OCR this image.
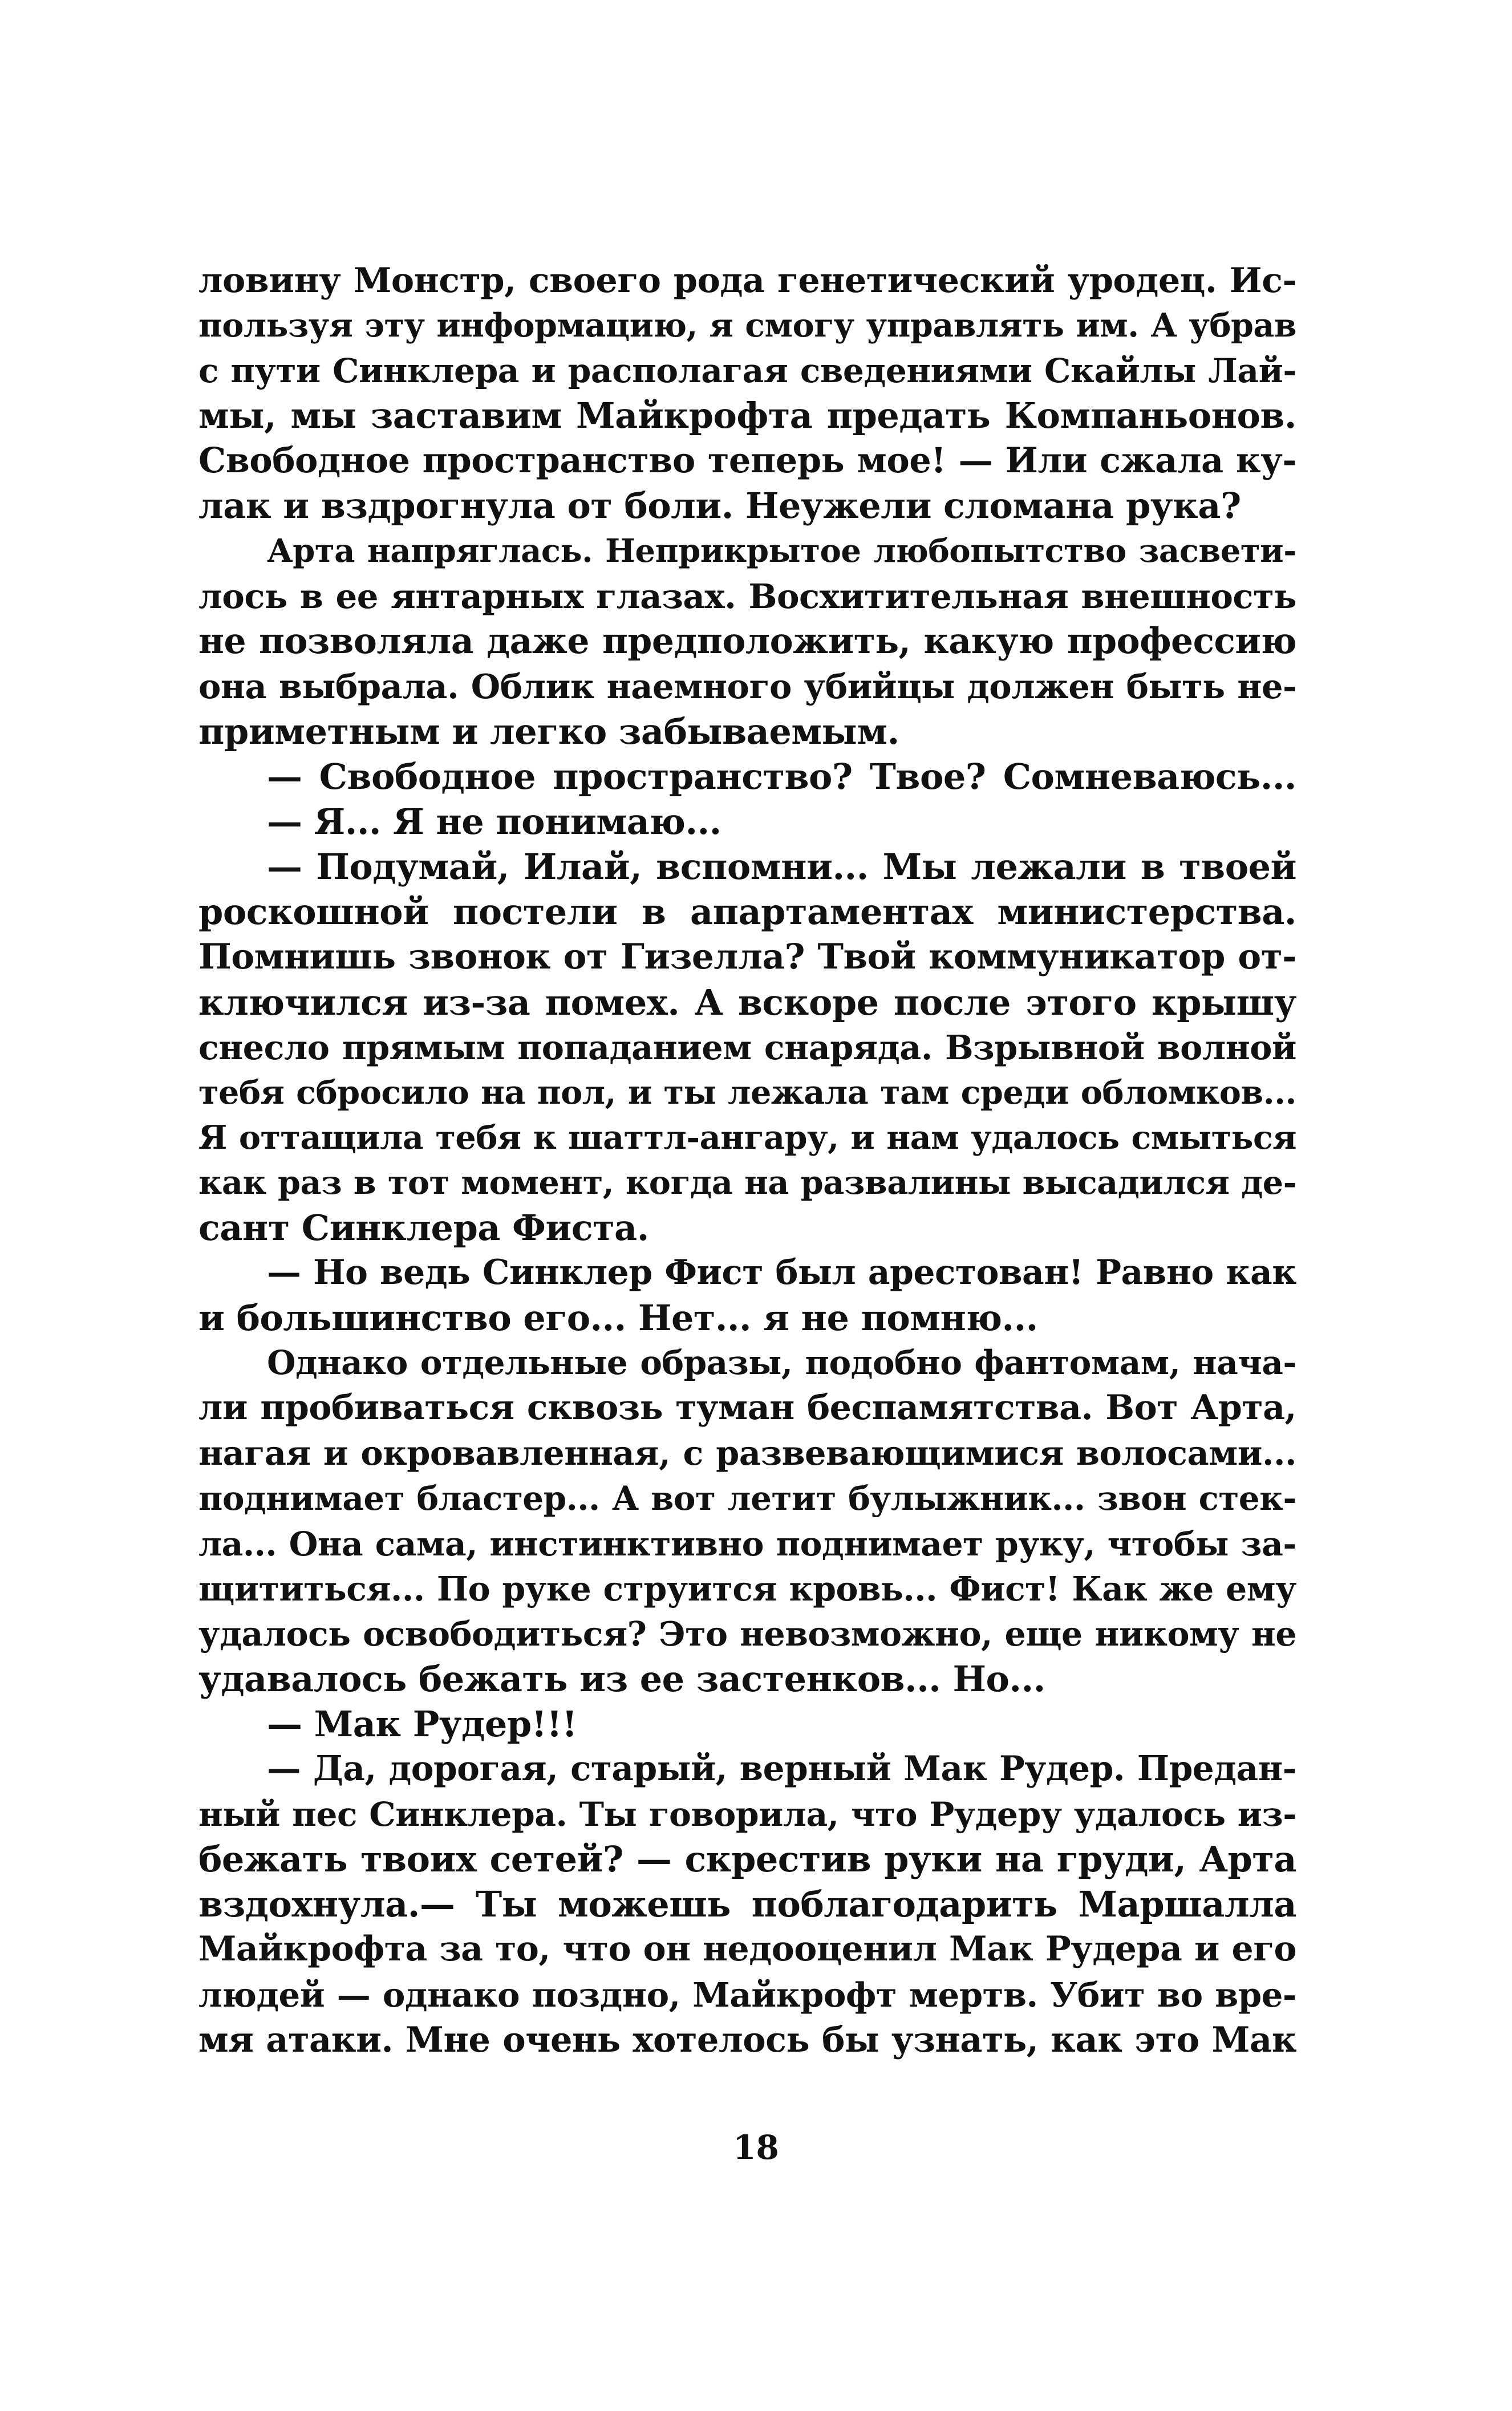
ловину Монстр, своего рода генетический уродец. Ис-
пользуя эту информацию, я смогу управлять им. А убрав
с пути Синклера и располагая сведениями Скайлы Лай-
мы, мы заставим Майкрофта предать Компаньонов.
Свободное пространство теперь мое! — Или сжала ку-
лак и вздрогнула от боли. Неужели сломана рука?
Арта напряглась. Неприкрытое любопытство засвети-
лось в ее янтарных глазах. Восхитительная внешность
не позволяла даже предположить, какую профессию
она выбрала. Облик наемного убийцы должен быть не-
приметным и легко забываемым.
— Свободное пространство? Твое? Сомневаюсь...
— Я... Я не понимаю...
— Подумай, Илай, вспомни... Мы лежали в твоей
роскошной постели в апартаментах министерства.
Помнишь звонок от Гизелла? Твой коммуникатор от-
ключился из-за помех. А вскоре после этого крышу
снесло прямым попаданием снаряда. Взрывной волной
тебя сбросило на пол, и ты лежала там среди обломков...
Я оттащила тебя к шаттл-ангару, и нам удалось смыться
как раз в тот момент, когда на развалины высадился де-
сант Синклера Фиста.
— Но ведь Синклер Фист был арестован! Равно как
и большинство его... Нет... я не помню...
Однако отдельные образы, подобно фантомам, нача-
ли пробиваться сквозь туман беспамятства. Вот Арта,
нагая и окровавленная, с развевающимися волосами...
поднимает бластер... А вот летит булыжник... звон стек-
ла... Она сама, инстинктивно поднимает руку, чтобы за-
щититься... По руке струится кровь... Фист! Как же ему
удалось освободиться? Это невозможно, еще никому не
удавалось бежать из ее застенков... Но...
— Мак Рудер!!!
— Да, дорогая, старый, верный Мак Рудер. Предан-
ный пес Синклера. Ты говорила, что Рудеру удалось из-
бежать твоих сетей? — скрестив руки на груди, Арта
вздохнула.— Ты можешь поблагодарить Маршалла
Майкрофта за то, что он недооценил Мак Рудера и его
людей — однако поздно, Майкрофт мертв. Убит во вре-
мя атаки. Мне очень хотелось бы узнать, как это Мак
18
